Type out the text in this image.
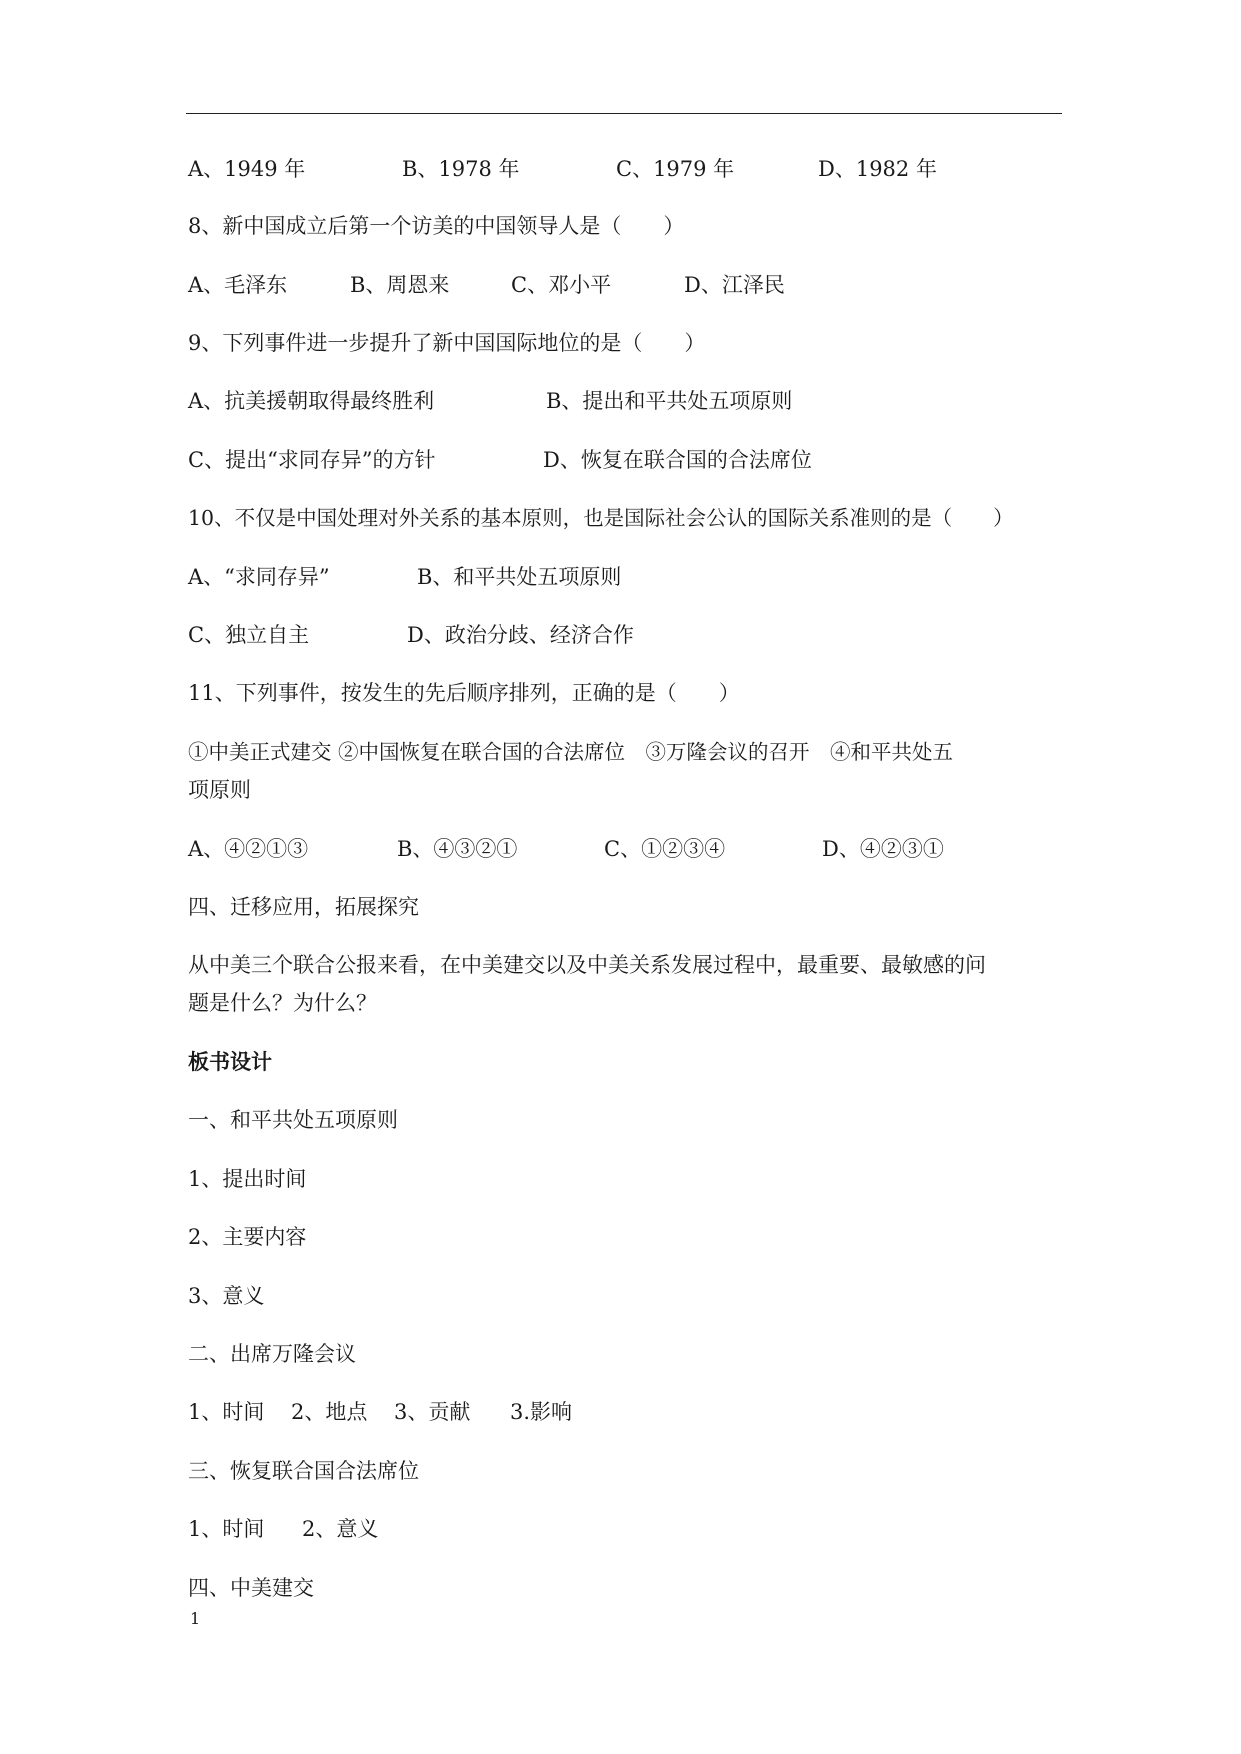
A、1949 年	B、1978 年	C、1979 年	D、1982 年
8、新中国成立后第一个访美的中国领导人是（　　）
A、毛泽东	B、周恩来	C、邓小平	D、江泽民
9、下列事件进一步提升了新中国国际地位的是（　　）
A、抗美援朝取得最终胜利	B、提出和平共处五项原则
C、提出“求同存异”的方针	D、恢复在联合国的合法席位
10、不仅是中国处理对外关系的基本原则，也是国际社会公认的国际关系准则的是（　　）
A、“求同存异”	B、和平共处五项原则
C、独立自主	D、政治分歧、经济合作
11、下列事件，按发生的先后顺序排列，正确的是（　　）
①中美正式建交 ②中国恢复在联合国的合法席位　③万隆会议的召开　④和平共处五
项原则
A、④②①③	B、④③②①	C、①②③④	D、④②③①
四、迁移应用，拓展探究
从中美三个联合公报来看，在中美建交以及中美关系发展过程中，最重要、最敏感的问
题是什么？为什么？
板书设计
一、和平共处五项原则
1、提出时间
2、主要内容
3、意义
二、出席万隆会议
1、时间 2、地点 3、贡献 3.影响
三、恢复联合国合法席位
1、时间 2、意义
四、中美建交
1
